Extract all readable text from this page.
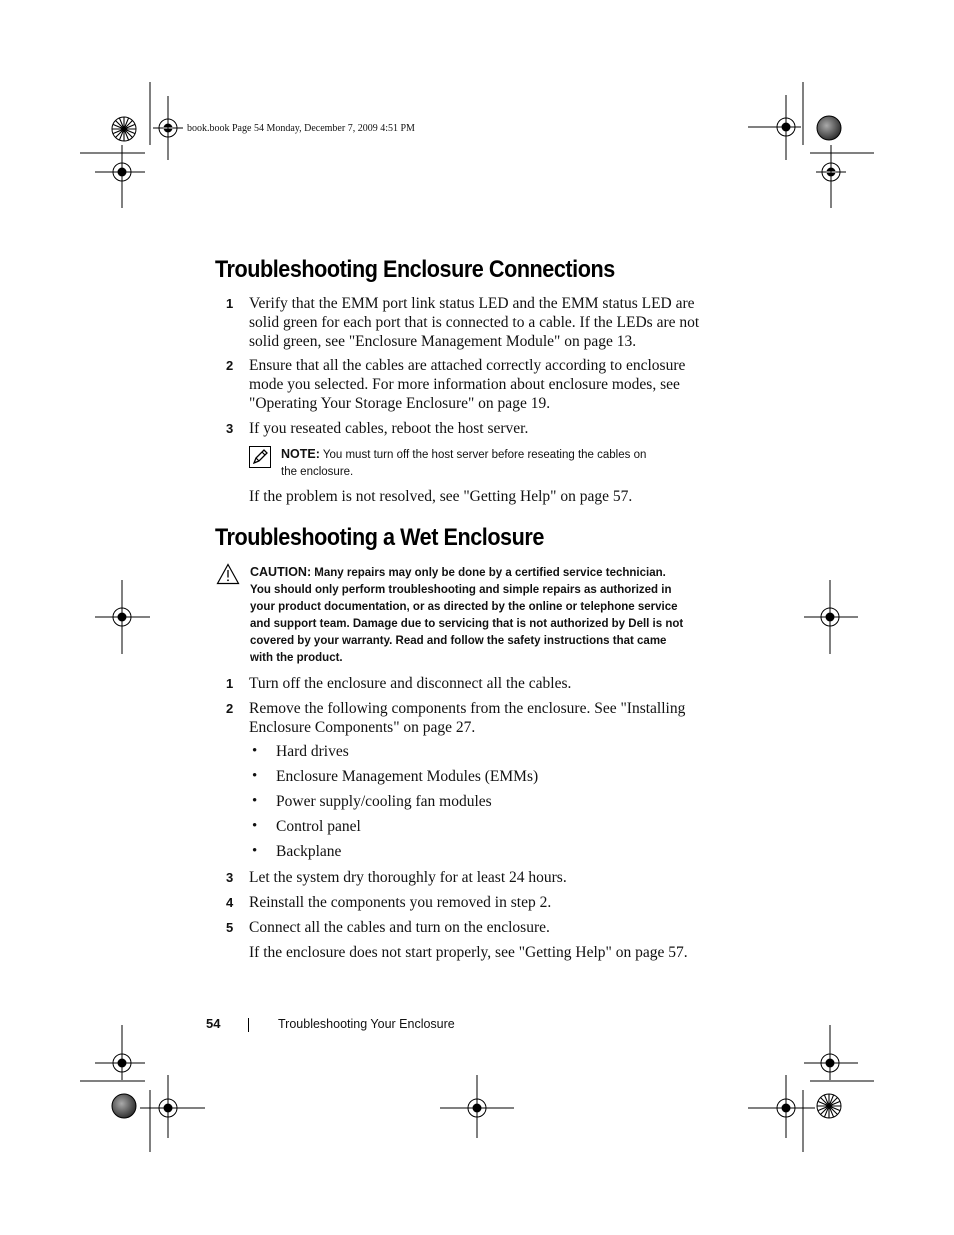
book.book Page 54 Monday, December 7, 2009 4:51 PM
Troubleshooting Enclosure Connections
1 Verify that the EMM port link status LED and the EMM status LED are
solid green for each port that is connected to a cable. If the LEDs are not
solid green, see "Enclosure Management Module" on page 13.
2 Ensure that all the cables are attached correctly according to enclosure
mode you selected. For more information about enclosure modes, see
"Operating Your Storage Enclosure" on page 19.
3 If you reseated cables, reboot the host server.
NOTE: You must turn off the host server before reseating the cables on
the enclosure.
If the problem is not resolved, see "Getting Help" on page 57.
Troubleshooting a Wet Enclosure
CAUTION: Many repairs may only be done by a certified service technician.
You should only perform troubleshooting and simple repairs as authorized in
your product documentation, or as directed by the online or telephone service
and support team. Damage due to servicing that is not authorized by Dell is not
covered by your warranty. Read and follow the safety instructions that came
with the product.
1 Turn off the enclosure and disconnect all the cables.
2 Remove the following components from the enclosure. See "Installing
Enclosure Components" on page 27.
• Hard drives
• Enclosure Management Modules (EMMs)
• Power supply/cooling fan modules
• Control panel
• Backplane
3 Let the system dry thoroughly for at least 24 hours.
4 Reinstall the components you removed in step 2.
5 Connect all the cables and turn on the enclosure.
If the enclosure does not start properly, see "Getting Help" on page 57.
54	Troubleshooting Your Enclosure
